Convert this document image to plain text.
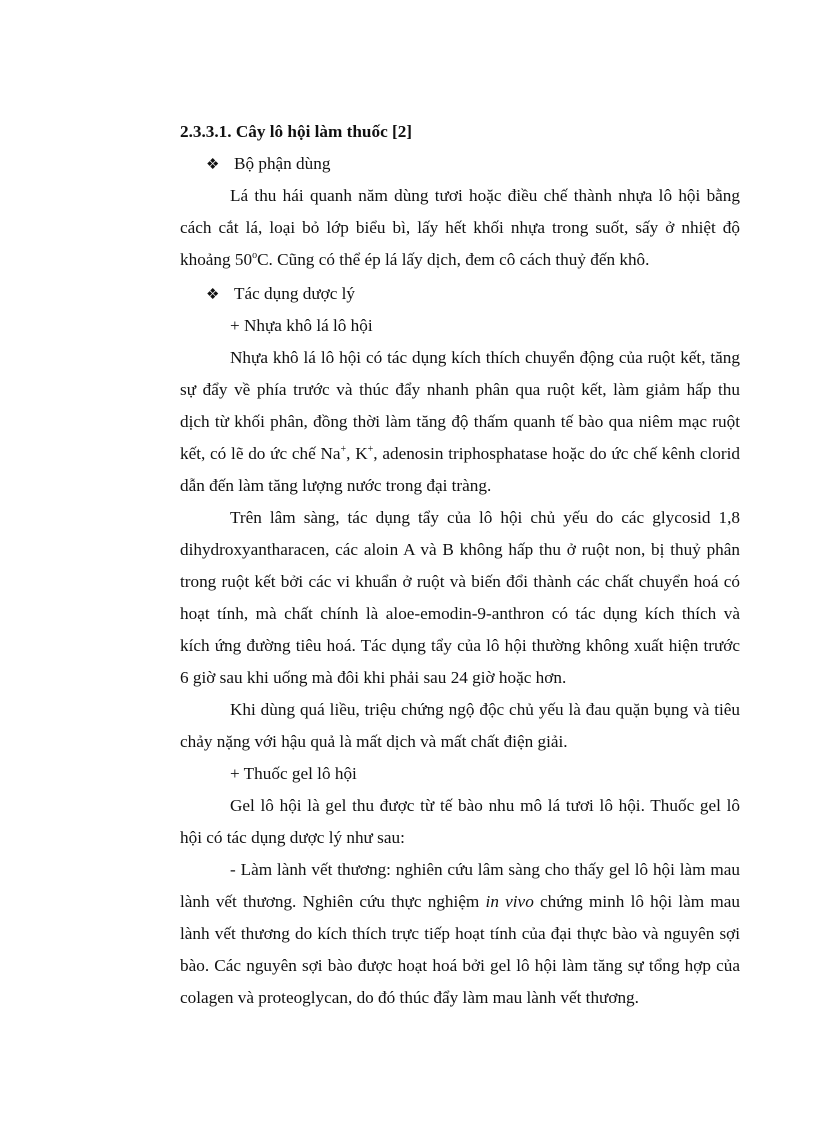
2.3.3.1. Cây lô hội làm thuốc [2]
❖ Bộ phận dùng
Lá thu hái quanh năm dùng tươi hoặc điều chế thành nhựa lô hội bằng
cách cắt lá, loại bỏ lớp biểu bì, lấy hết khối nhựa trong suốt, sấy ở nhiệt độ
khoảng 50$^o$C. Cũng có thể ép lá lấy dịch, đem cô cách thuỷ đến khô.
❖ Tác dụng dược lý
+ Nhựa khô lá lô hội
Nhựa khô lá lô hội có tác dụng kích thích chuyển động của ruột kết, tăng
sự đẩy về phía trước và thúc đẩy nhanh phân qua ruột kết, làm giảm hấp thu
dịch từ khối phân, đồng thời làm tăng độ thấm quanh tế bào qua niêm mạc ruột
kết, có lẽ do ức chế Na+, K+, adenosin triphosphatase hoặc do ức chế kênh clorid
dẫn đến làm tăng lượng nước trong đại tràng.
Trên lâm sàng, tác dụng tẩy của lô hội chủ yếu do các glycosid 1,8
dihydroxyantharacen, các aloin A và B không hấp thu ở ruột non, bị thuỷ phân
trong ruột kết bởi các vi khuẩn ở ruột và biến đổi thành các chất chuyển hoá có
hoạt tính, mà chất chính là aloe-emodin-9-anthron có tác dụng kích thích và
kích ứng đường tiêu hoá. Tác dụng tẩy của lô hội thường không xuất hiện trước
6 giờ sau khi uống mà đôi khi phải sau 24 giờ hoặc hơn.
Khi dùng quá liều, triệu chứng ngộ độc chủ yếu là đau quặn bụng và tiêu
chảy nặng với hậu quả là mất dịch và mất chất điện giải.
+ Thuốc gel lô hội
Gel lô hội là gel thu được từ tế bào nhu mô lá tươi lô hội. Thuốc gel lô
hội có tác dụng dược lý như sau:
- Làm lành vết thương: nghiên cứu lâm sàng cho thấy gel lô hội làm mau
lành vết thương. Nghiên cứu thực nghiệm in vivo chứng minh lô hội làm mau
lành vết thương do kích thích trực tiếp hoạt tính của đại thực bào và nguyên sợi
bào. Các nguyên sợi bào được hoạt hoá bởi gel lô hội làm tăng sự tổng hợp của
colagen và proteoglycan, do đó thúc đẩy làm mau lành vết thương.
